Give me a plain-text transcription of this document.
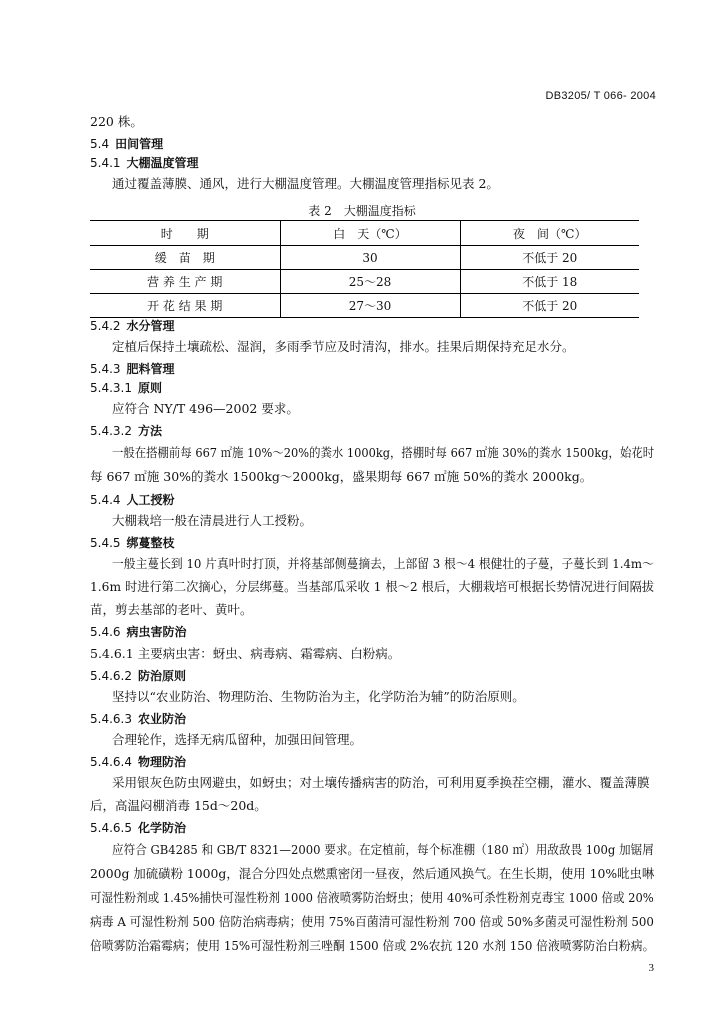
DB3205/ T 066- 2004
220 株。
5.4 田间管理
5.4.1 大棚温度管理
通过覆盖薄膜、通风，进行大棚温度管理。大棚温度管理指标见表 2。
表 2 大棚温度指标
时　　期	白　天（℃）	夜　间（℃）
缓　苗　期	30	不低于 20
营 养 生 产 期	25～28	不低于 18
开 花 结 果 期	27～30	不低于 20
5.4.2 水分管理
定植后保持土壤疏松、湿润，多雨季节应及时清沟，排水。挂果后期保持充足水分。
5.4.3 肥料管理
5.4.3.1 原则
应符合 NY/T 496—2002 要求。
5.4.3.2 方法
一般在搭棚前每 667 ㎡施 10%～20%的粪水 1000kg，搭棚时每 667 ㎡施 30%的粪水 1500kg，始花时
每 667 ㎡施 30%的粪水 1500kg～2000kg，盛果期每 667 ㎡施 50%的粪水 2000kg。
5.4.4 人工授粉
大棚栽培一般在清晨进行人工授粉。
5.4.5 绑蔓整枝
一般主蔓长到 10 片真叶时打顶，并将基部侧蔓摘去，上部留 3 根～4 根健壮的子蔓，子蔓长到 1.4m～
1.6m 时进行第二次摘心，分层绑蔓。当基部瓜采收 1 根～2 根后，大棚栽培可根据长势情况进行间隔拔
苗，剪去基部的老叶、黄叶。
5.4.6 病虫害防治
5.4.6.1 主要病虫害：蚜虫、病毒病、霜霉病、白粉病。
5.4.6.2 防治原则
坚持以“农业防治、物理防治、生物防治为主，化学防治为辅”的防治原则。
5.4.6.3 农业防治
合理轮作，选择无病瓜留种，加强田间管理。
5.4.6.4 物理防治
采用银灰色防虫网避虫，如蚜虫；对土壤传播病害的防治，可利用夏季换茬空棚，灌水、覆盖薄膜
后，高温闷棚消毒 15d～20d。
5.4.6.5 化学防治
应符合 GB4285 和 GB/T 8321—2000 要求。在定植前，每个标准棚（180 ㎡）用敌敌畏 100g 加锯屑
2000g 加硫磺粉 1000g，混合分四处点燃熏密闭一昼夜，然后通风换气。在生长期，使用 10%吡虫啉
可湿性粉剂或 1.45%捕快可湿性粉剂 1000 倍液喷雾防治蚜虫；使用 40%可杀性粉剂克毒宝 1000 倍或 20%
病毒 A 可湿性粉剂 500 倍防治病毒病；使用 75%百菌清可湿性粉剂 700 倍或 50%多菌灵可湿性粉剂 500
倍喷雾防治霜霉病；使用 15%可湿性粉剂三唑酮 1500 倍或 2%农抗 120 水剂 150 倍液喷雾防治白粉病。
3
